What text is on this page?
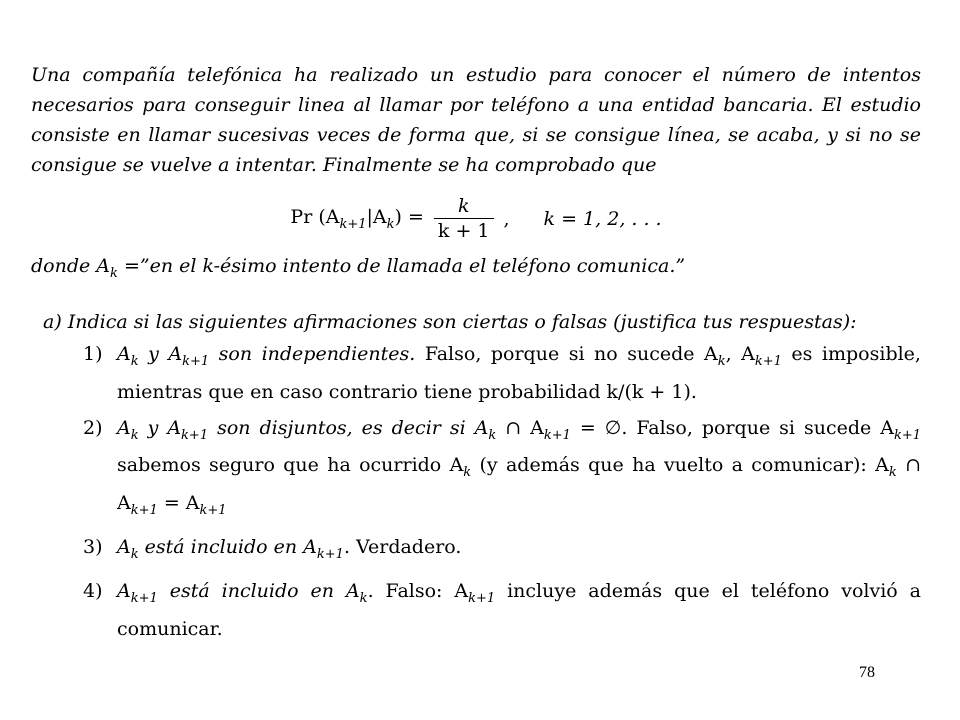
Una compañía telefónica ha realizado un estudio para conocer el número de intentos necesarios para conseguir linea al llamar por teléfono a una entidad bancaria. El estudio consiste en llamar sucesivas veces de forma que, si se consigue línea, se acaba, y si no se consigue se vuelve a intentar. Finalmente se ha comprobado que

Pr $(A_{k+1}|A_k) = \frac{k}{k + 1}$ , k = 1, 2, . . .

donde $A_k$ =”en el k-ésimo intento de llamada el teléfono comunica.”

a) Indica si las siguientes afirmaciones son ciertas o falsas (justifica tus respuestas):

1) $A_k$ y $A_{k+1}$ son independientes. Falso, porque si no sucede $A_k$, $A_{k+1}$ es imposible, mientras que en caso contrario tiene probabilidad k/(k + 1).
2) $A_k$ y $A_{k+1}$ son disjuntos, es decir si $A_k$ ∩ $A_{k+1}$ = ∅. Falso, porque si sucede $A_{k+1}$ sabemos seguro que ha ocurrido $A_k$ (y además que ha vuelto a comunicar): $A_k$ ∩ $A_{k+1} = A_{k+1}$
3) $A_k$ está incluido en $A_{k+1}$. Verdadero.
4) $A_{k+1}$ está incluido en $A_k$. Falso: $A_{k+1}$ incluye además que el teléfono volvió a comunicar.
78
